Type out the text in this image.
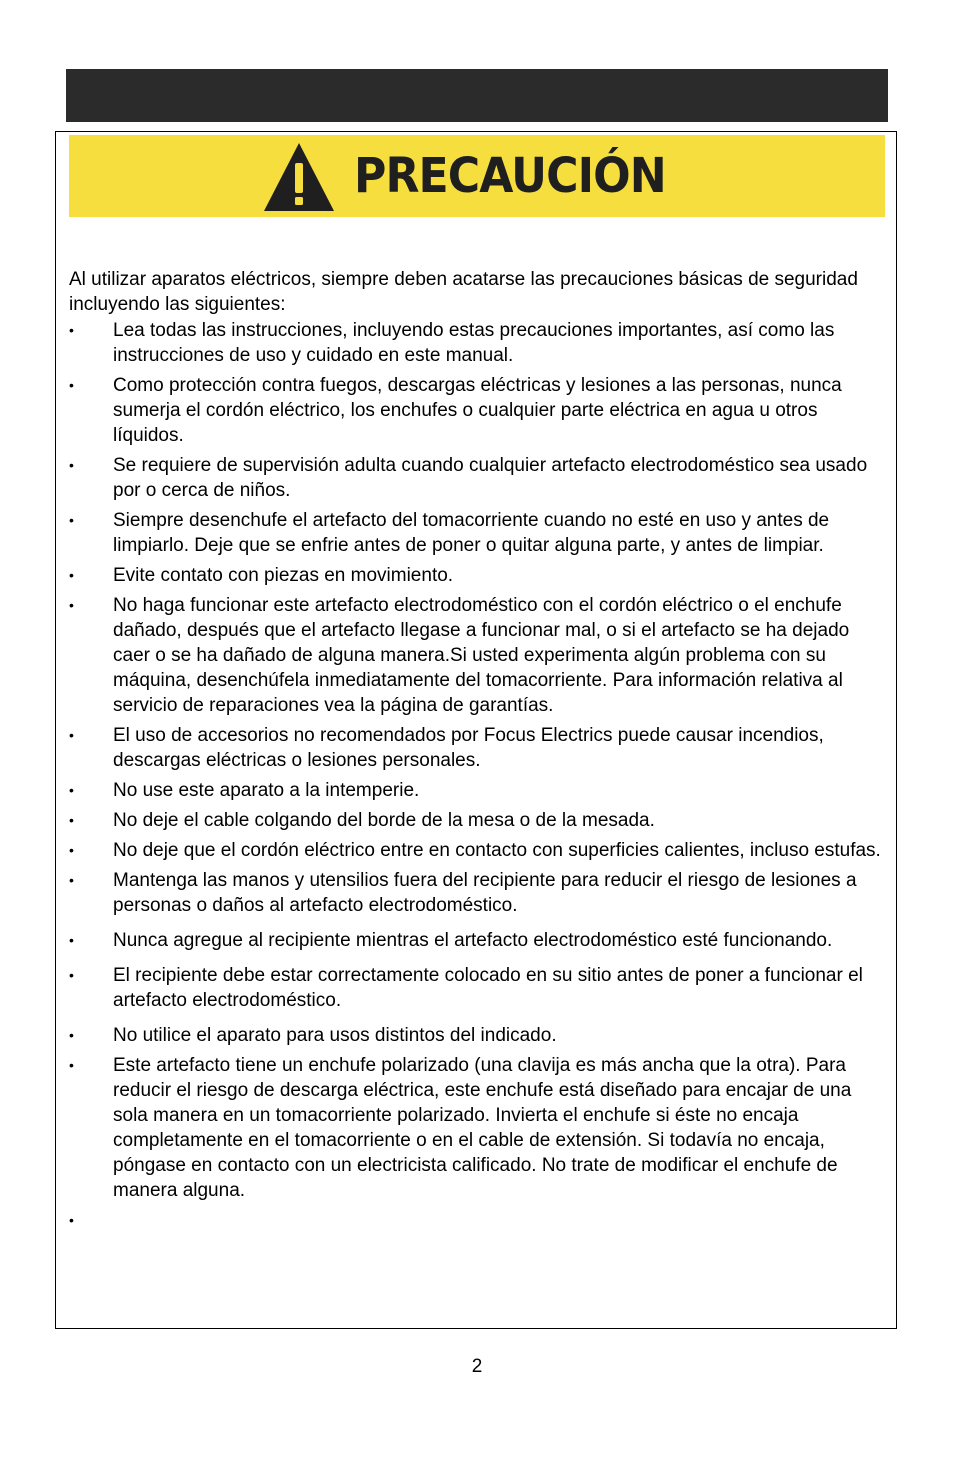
PRECAUCIÓN

Al utilizar aparatos eléctricos, siempre deben acatarse las precauciones básicas de seguridad incluyendo las siguientes:

• Lea todas las instrucciones, incluyendo estas precauciones importantes, así como las instrucciones de uso y cuidado en este manual.
• Como protección contra fuegos, descargas eléctricas y lesiones a las personas, nunca sumerja el cordón eléctrico, los enchufes o cualquier parte eléctrica en agua u otros líquidos.
• Se requiere de supervisión adulta cuando cualquier artefacto electrodoméstico sea usado por o cerca de niños.
• Siempre desenchufe el artefacto del tomacorriente cuando no esté en uso y antes de limpiarlo. Deje que se enfrie antes de poner o quitar alguna parte, y antes de limpiar.
• Evite contato con piezas en movimiento.
• No haga funcionar este artefacto electrodoméstico con el cordón eléctrico o el enchufe dañado, después que el artefacto llegase a funcionar mal, o si el artefacto se ha dejado caer o se ha dañado de alguna manera.Si usted experimenta algún problema con su máquina, desenchúfela inmediatamente del tomacorriente. Para información relativa al servicio de reparaciones vea la página de garantías.
• El uso de accesorios no recomendados por Focus Electrics puede causar incendios, descargas eléctricas o lesiones personales.
• No use este aparato a la intemperie.
• No deje el cable colgando del borde de la mesa o de la mesada.
• No deje que el cordón eléctrico entre en contacto con superficies calientes, incluso estufas.
• Mantenga las manos y utensilios fuera del recipiente para reducir el riesgo de lesiones a personas o daños al artefacto electrodoméstico.
• Nunca agregue al recipiente mientras el artefacto electrodoméstico esté funcionando.
• El recipiente debe estar correctamente colocado en su sitio antes de poner a funcionar el artefacto electrodoméstico.
• No utilice el aparato para usos distintos del indicado.
• Este artefacto tiene un enchufe polarizado (una clavija es más ancha que la otra). Para reducir el riesgo de descarga eléctrica, este enchufe está diseñado para encajar de una sola manera en un tomacorriente polarizado. Invierta el enchufe si éste no encaja completamente en el tomacorriente o en el cable de extensión. Si todavía no encaja, póngase en contacto con un electricista calificado. No trate de modificar el enchufe de manera alguna.
•
2
